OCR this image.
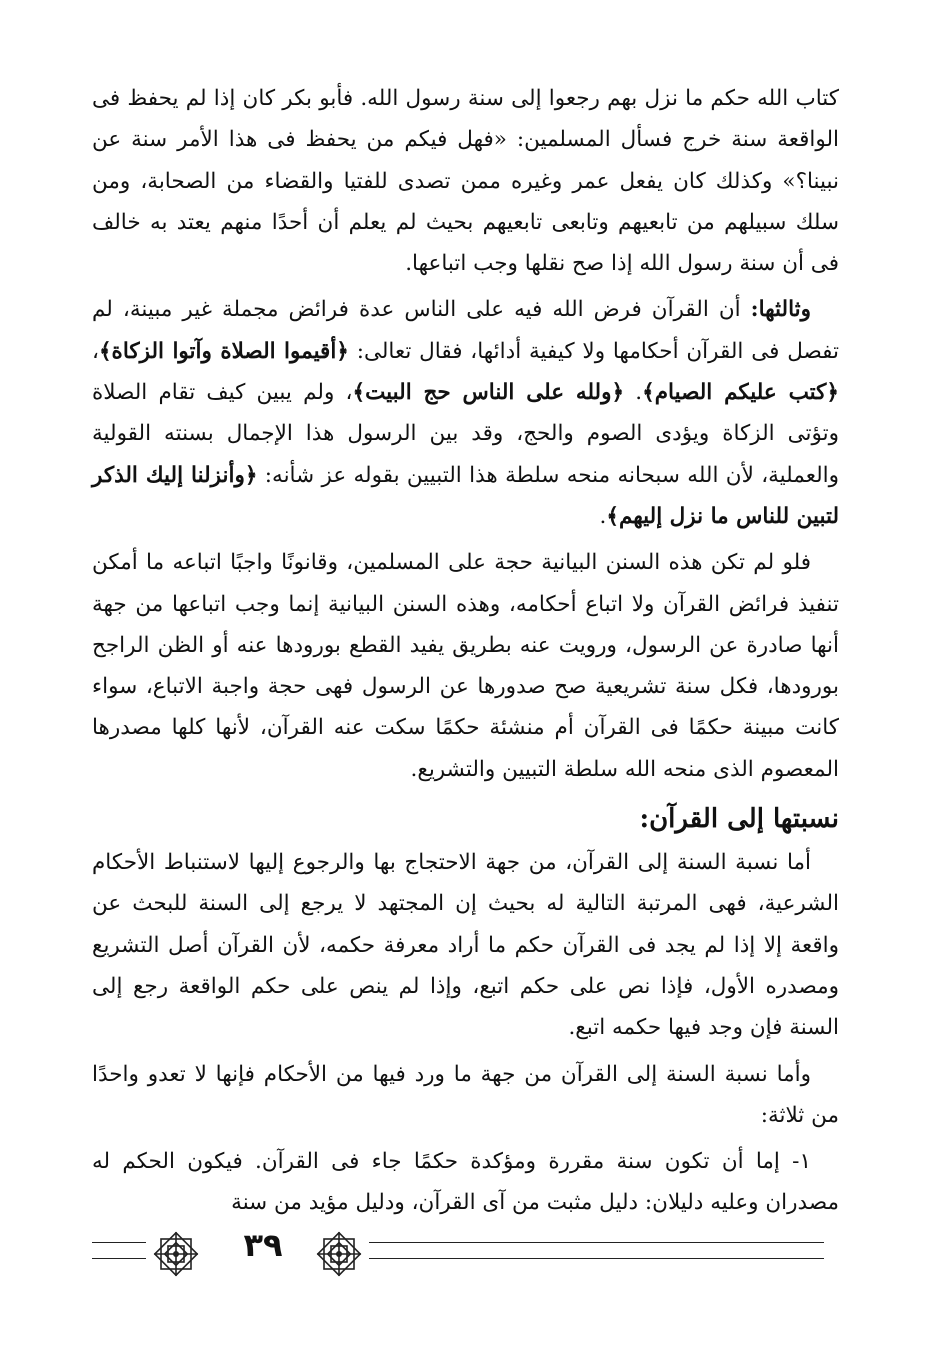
كتاب الله حكم ما نزل بهم رجعوا إلى سنة رسول الله. فأبو بكر كان إذا لم يحفظ فى الواقعة سنة خرج فسأل المسلمين: «فهل فيكم من يحفظ فى هذا الأمر سنة عن نبينا؟» وكذلك كان يفعل عمر وغيره ممن تصدى للفتيا والقضاء من الصحابة، ومن سلك سبيلهم من تابعيهم وتابعى تابعيهم بحيث لم يعلم أن أحدًا منهم يعتد به خالف فى أن سنة رسول الله إذا صح نقلها وجب اتباعها.

وثالثها: أن القرآن فرض الله فيه على الناس عدة فرائض مجملة غير مبينة، لم تفصل فى القرآن أحكامها ولا كيفية أدائها، فقال تعالى: ﴿أقيموا الصلاة وآتوا الزكاة﴾، ﴿كتب عليكم الصيام﴾. ﴿ولله على الناس حج البيت﴾، ولم يبين كيف تقام الصلاة وتؤتى الزكاة ويؤدى الصوم والحج، وقد بين الرسول هذا الإجمال بسنته القولية والعملية، لأن الله سبحانه منحه سلطة هذا التبيين بقوله عز شأنه: ﴿وأنزلنا إليك الذكر لتبين للناس ما نزل إليهم﴾.

فلو لم تكن هذه السنن البيانية حجة على المسلمين، وقانونًا واجبًا اتباعه ما أمكن تنفيذ فرائض القرآن ولا اتباع أحكامه، وهذه السنن البيانية إنما وجب اتباعها من جهة أنها صادرة عن الرسول، ورويت عنه بطريق يفيد القطع بورودها عنه أو الظن الراجح بورودها، فكل سنة تشريعية صح صدورها عن الرسول فهى حجة واجبة الاتباع، سواء كانت مبينة حكمًا فى القرآن أم منشئة حكمًا سكت عنه القرآن، لأنها كلها مصدرها المعصوم الذى منحه الله سلطة التبيين والتشريع.

نسبتها إلى القرآن:

أما نسبة السنة إلى القرآن، من جهة الاحتجاج بها والرجوع إليها لاستنباط الأحكام الشرعية، فهى المرتبة التالية له بحيث إن المجتهد لا يرجع إلى السنة للبحث عن واقعة إلا إذا لم يجد فى القرآن حكم ما أراد معرفة حكمه، لأن القرآن أصل التشريع ومصدره الأول، فإذا نص على حكم اتبع، وإذا لم ينص على حكم الواقعة رجع إلى السنة فإن وجد فيها حكمه اتبع.

وأما نسبة السنة إلى القرآن من جهة ما ورد فيها من الأحكام فإنها لا تعدو واحدًا من ثلاثة:

١- إما أن تكون سنة مقررة ومؤكدة حكمًا جاء فى القرآن. فيكون الحكم له مصدران وعليه دليلان: دليل مثبت من آى القرآن، ودليل مؤيد من سنة

٣٩
